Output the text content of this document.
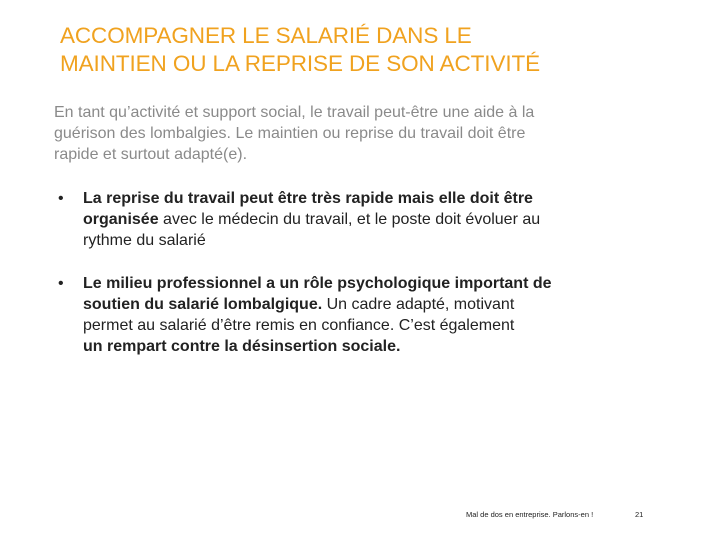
ACCOMPAGNER LE SALARIÉ DANS LE
MAINTIEN OU LA REPRISE DE SON ACTIVITÉ

En tant qu’activité et support social, le travail peut-être une aide à la
guérison des lombalgies. Le maintien ou reprise du travail doit être
rapide et surtout adapté(e).

• La reprise du travail peut être très rapide mais elle doit être
organisée avec le médecin du travail, et le poste doit évoluer au
rythme du salarié
• Le milieu professionnel a un rôle psychologique important de
soutien du salarié lombalgique. Un cadre adapté, motivant
permet au salarié d’être remis en confiance. C’est également
un rempart contre la désinsertion sociale.
Mal de dos en entreprise. Parlons-en !	21
